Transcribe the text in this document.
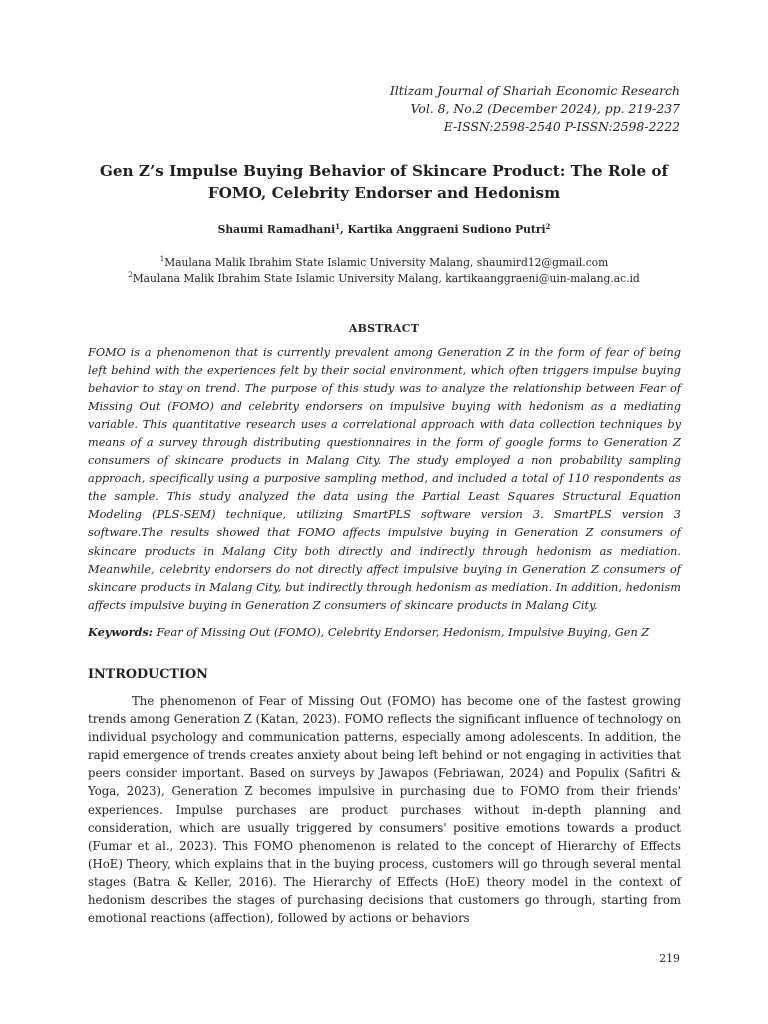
Iltizam Journal of Shariah Economic Research
Vol. 8, No.2 (December 2024), pp. 219-237
E-ISSN:2598-2540 P-ISSN:2598-2222
Gen Z’s Impulse Buying Behavior of Skincare Product: The Role of
FOMO, Celebrity Endorser and Hedonism
Shaumi Ramadhani$^1$, Kartika Anggraeni Sudiono Putri$^2$
$^1$Maulana Malik Ibrahim State Islamic University Malang, shaumird12@gmail.com
$^2$Maulana Malik Ibrahim State Islamic University Malang, kartikaanggraeni@uin-malang.ac.id
ABSTRACT
FOMO is a phenomenon that is currently prevalent among Generation Z in the form of fear of being left behind with the experiences felt by their social environment, which often triggers impulse buying behavior to stay on trend. The purpose of this study was to analyze the relationship between Fear of Missing Out (FOMO) and celebrity endorsers on impulsive buying with hedonism as a mediating variable. This quantitative research uses a correlational approach with data collection techniques by means of a survey through distributing questionnaires in the form of google forms to Generation Z consumers of skincare products in Malang City. The study employed a non probability sampling approach, specifically using a purposive sampling method, and included a total of 110 respondents as the sample. This study analyzed the data using the Partial Least Squares Structural Equation Modeling (PLS-SEM) technique, utilizing SmartPLS software version 3. SmartPLS version 3 software.The results showed that FOMO affects impulsive buying in Generation Z consumers of skincare products in Malang City both directly and indirectly through hedonism as mediation. Meanwhile, celebrity endorsers do not directly affect impulsive buying in Generation Z consumers of skincare products in Malang City, but indirectly through hedonism as mediation. In addition, hedonism affects impulsive buying in Generation Z consumers of skincare products in Malang City.
Keywords: Fear of Missing Out (FOMO), Celebrity Endorser, Hedonism, Impulsive Buying, Gen Z
INTRODUCTION
The phenomenon of Fear of Missing Out (FOMO) has become one of the fastest growing trends among Generation Z (Katan, 2023). FOMO reflects the significant influence of technology on individual psychology and communication patterns, especially among adolescents. In addition, the rapid emergence of trends creates anxiety about being left behind or not engaging in activities that peers consider important. Based on surveys by Jawapos (Febriawan, 2024) and Populix (Safitri & Yoga, 2023), Generation Z becomes impulsive in purchasing due to FOMO from their friends' experiences. Impulse purchases are product purchases without in-depth planning and consideration, which are usually triggered by consumers' positive emotions towards a product (Fumar et al., 2023). This FOMO phenomenon is related to the concept of Hierarchy of Effects (HoE) Theory, which explains that in the buying process, customers will go through several mental stages (Batra & Keller, 2016). The Hierarchy of Effects (HoE) theory model in the context of hedonism describes the stages of purchasing decisions that customers go through, starting from emotional reactions (affection), followed by actions or behaviors
219
